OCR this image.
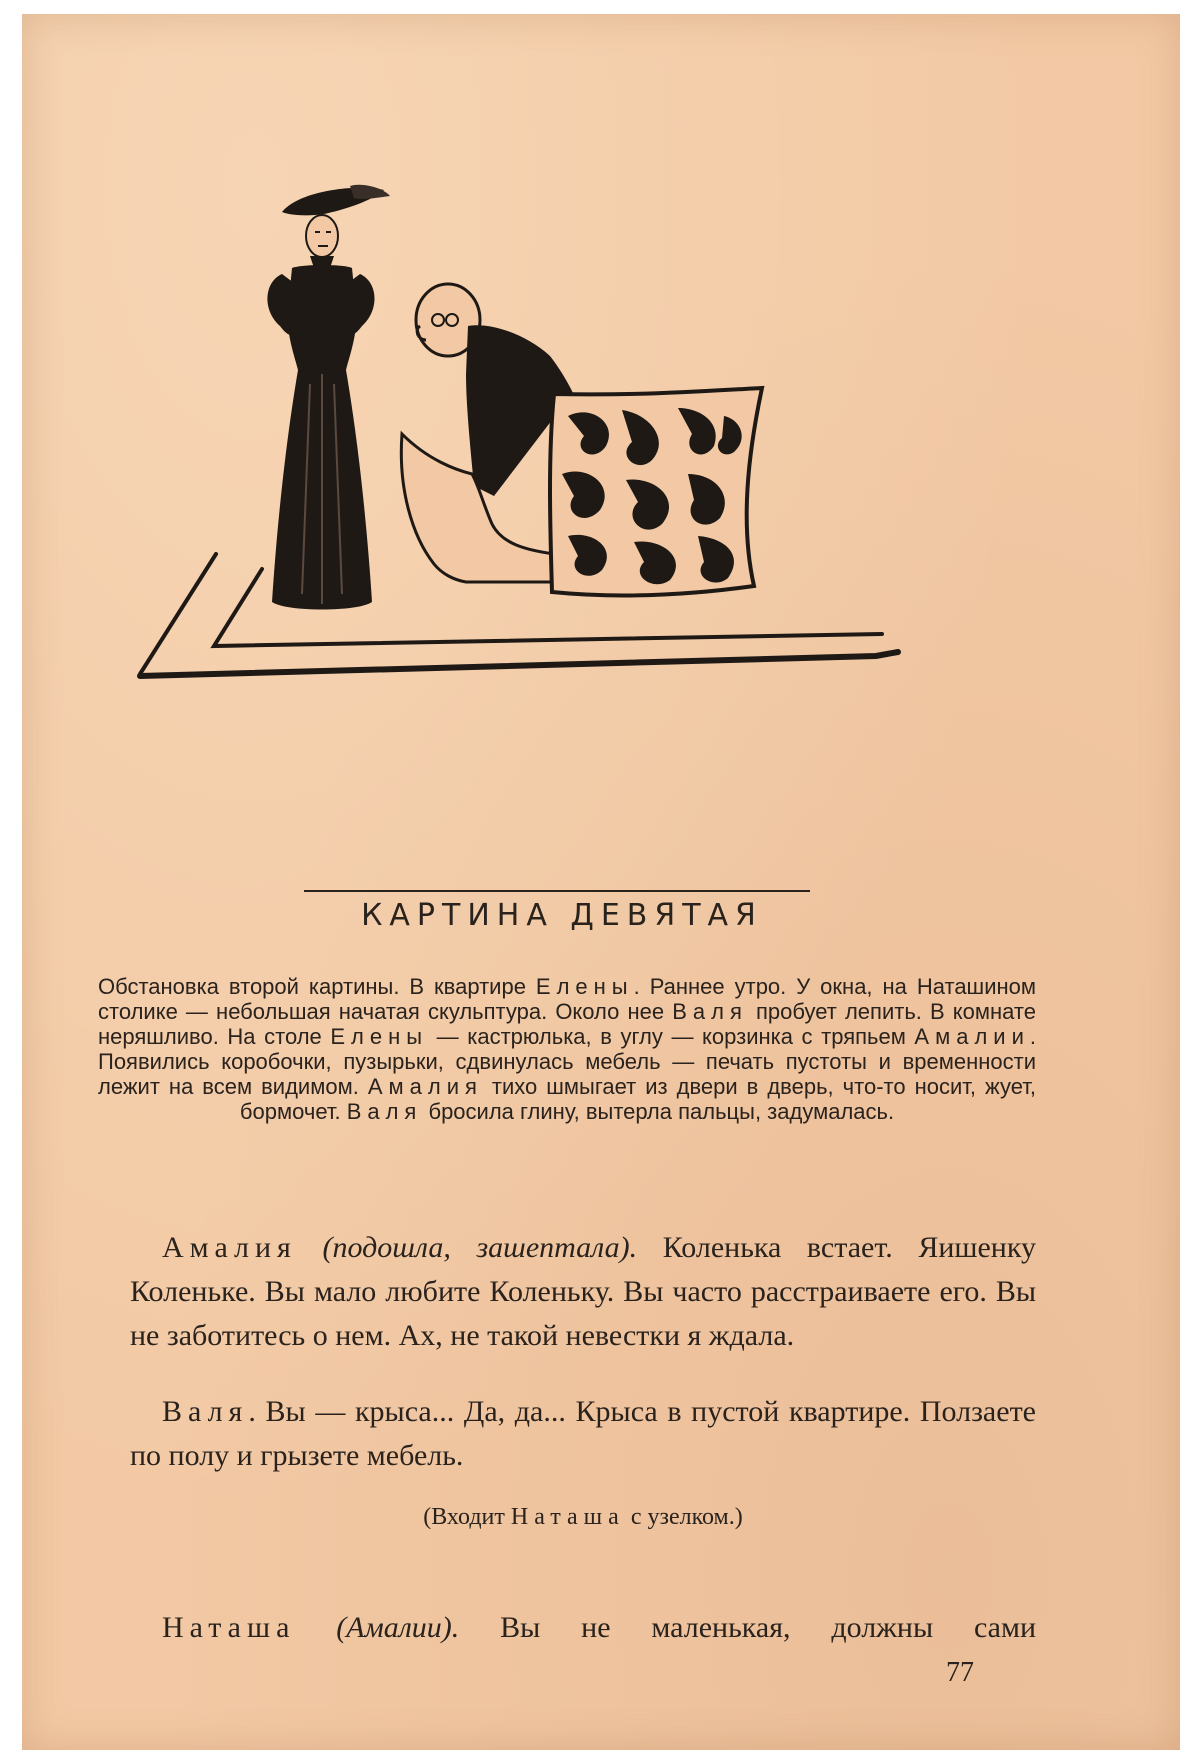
КАРТИНА ДЕВЯТАЯ
Обстановка второй картины. В квартире Елены. Раннее утро. У окна, на Наташином столике — небольшая начатая скульптура. Около нее Валя пробует лепить. В комнате неряшливо. На столе Елены — кастрюлька, в углу — корзинка с тряпьем Амалии. Появились коробочки, пузырьки, сдвинулась мебель — печать пустоты и временности лежит на всем видимом. Амалия тихо шмыгает из двери в дверь, что-то носит, жует, бормочет. Валя бросила глину, вытерла пальцы, задумалась.
Амалия (подошла, зашептала). Коленька встает. Яишенку Коленьке. Вы мало любите Коленьку. Вы часто расстраиваете его. Вы не заботитесь о нем. Ах, не такой невестки я ждала.
Валя. Вы — крыса... Да, да... Крыса в пустой квартире. Ползаете по полу и грызете мебель.
(Входит Наташа с узелком.)
Наташа (Амалии). Вы не маленькая, должны сами
77
